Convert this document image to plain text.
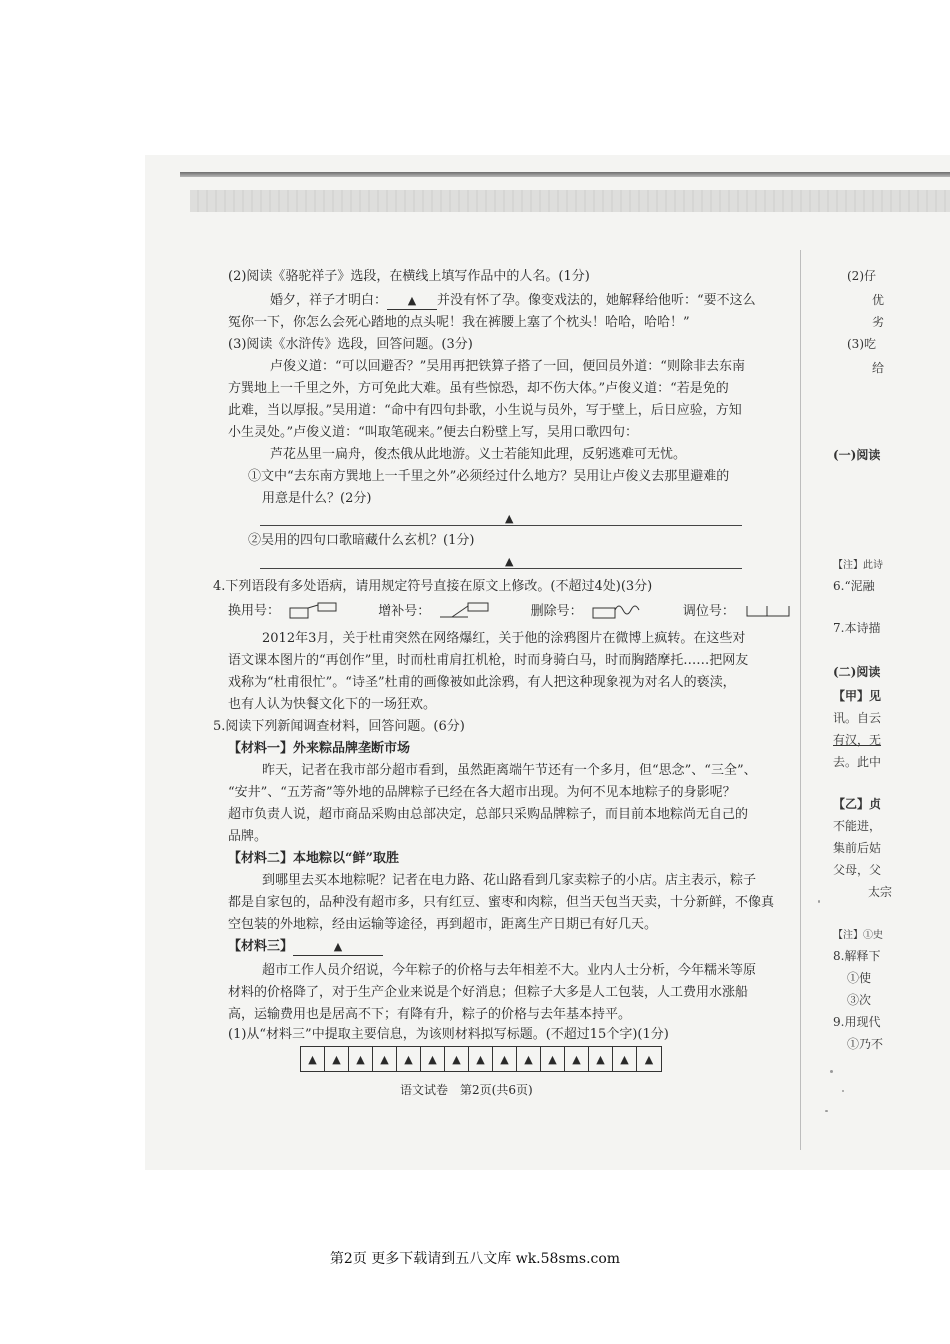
(2)阅读《骆驼祥子》选段，在横线上填写作品中的人名。(1分)
婚夕，祥子才明白： ▲ 并没有怀了孕。像变戏法的，她解释给他听：“要不这么
冤你一下，你怎么会死心踏地的点头呢！我在裤腰上塞了个枕头！哈哈，哈哈！”
(3)阅读《水浒传》选段，回答问题。(3分)
卢俊义道：“可以回避否？”吴用再把铁算子搭了一回，便回员外道：“则除非去东南
方巽地上一千里之外，方可免此大难。虽有些惊恐，却不伤大体。”卢俊义道：“若是免的
此难，当以厚报。”吴用道：“命中有四句卦歌，小生说与员外，写于壁上，后日应验，方知
小生灵处。”卢俊义道：“叫取笔砚来。”便去白粉壁上写，吴用口歌四句：
芦花丛里一扁舟，俊杰俄从此地游。义士若能知此理，反躬逃难可无忧。
①文中“去东南方巽地上一千里之外”必须经过什么地方？吴用让卢俊义去那里避难的
用意是什么？(2分)
▲
②吴用的四句口歌暗藏什么玄机？(1分)
▲
4.下列语段有多处语病，请用规定符号直接在原文上修改。(不超过4处)(3分)
换用号：	增补号：	删除号：	调位号：
2012年3月，关于杜甫突然在网络爆红，关于他的涂鸦图片在微博上疯转。在这些对
语文课本图片的“再创作”里，时而杜甫肩扛机枪，时而身骑白马，时而胸踏摩托……把网友
戏称为“杜甫很忙”。“诗圣”杜甫的画像被如此涂鸦，有人把这种现象视为对名人的亵渎，
也有人认为快餐文化下的一场狂欢。
5.阅读下列新闻调查材料，回答问题。(6分)
【材料一】外来粽品牌垄断市场
昨天，记者在我市部分超市看到，虽然距离端午节还有一个多月，但“思念”、“三全”、
“安井”、“五芳斋”等外地的品牌粽子已经在各大超市出现。为何不见本地粽子的身影呢？
超市负责人说，超市商品采购由总部决定，总部只采购品牌粽子，而目前本地粽尚无自己的
品牌。
【材料二】本地粽以“鲜”取胜
到哪里去买本地粽呢？记者在电力路、花山路看到几家卖粽子的小店。店主表示，粽子
都是自家包的，品种没有超市多，只有红豆、蜜枣和肉粽，但当天包当天卖，十分新鲜，不像真
空包装的外地粽，经由运输等途径，再到超市，距离生产日期已有好几天。
【材料三】	▲
超市工作人员介绍说，今年粽子的价格与去年相差不大。业内人士分析，今年糯米等原
材料的价格降了，对于生产企业来说是个好消息；但粽子大多是人工包装，人工费用水涨船
高，运输费用也是居高不下；有降有升，粽子的价格与去年基本持平。
(1)从“材料三”中提取主要信息，为该则材料拟写标题。(不超过15个字)(1分)
▲	▲	▲	▲	▲	▲	▲	▲	▲	▲	▲	▲	▲	▲	▲
语文试卷　第2页(共6页)
(2)仔
优
劣
(3)吃
给
(一)阅读
【注】此诗
6.“泥融
7.本诗描
(二)阅读
【甲】见
讯。自云
有汉，无
去。此中
【乙】贞
不能进，
集前后姑
父母，父
太宗
【注】①史
8.解释下
①使
③次
9.用现代
①乃不
第2页 更多下载请到五八文库 wk.58sms.com
